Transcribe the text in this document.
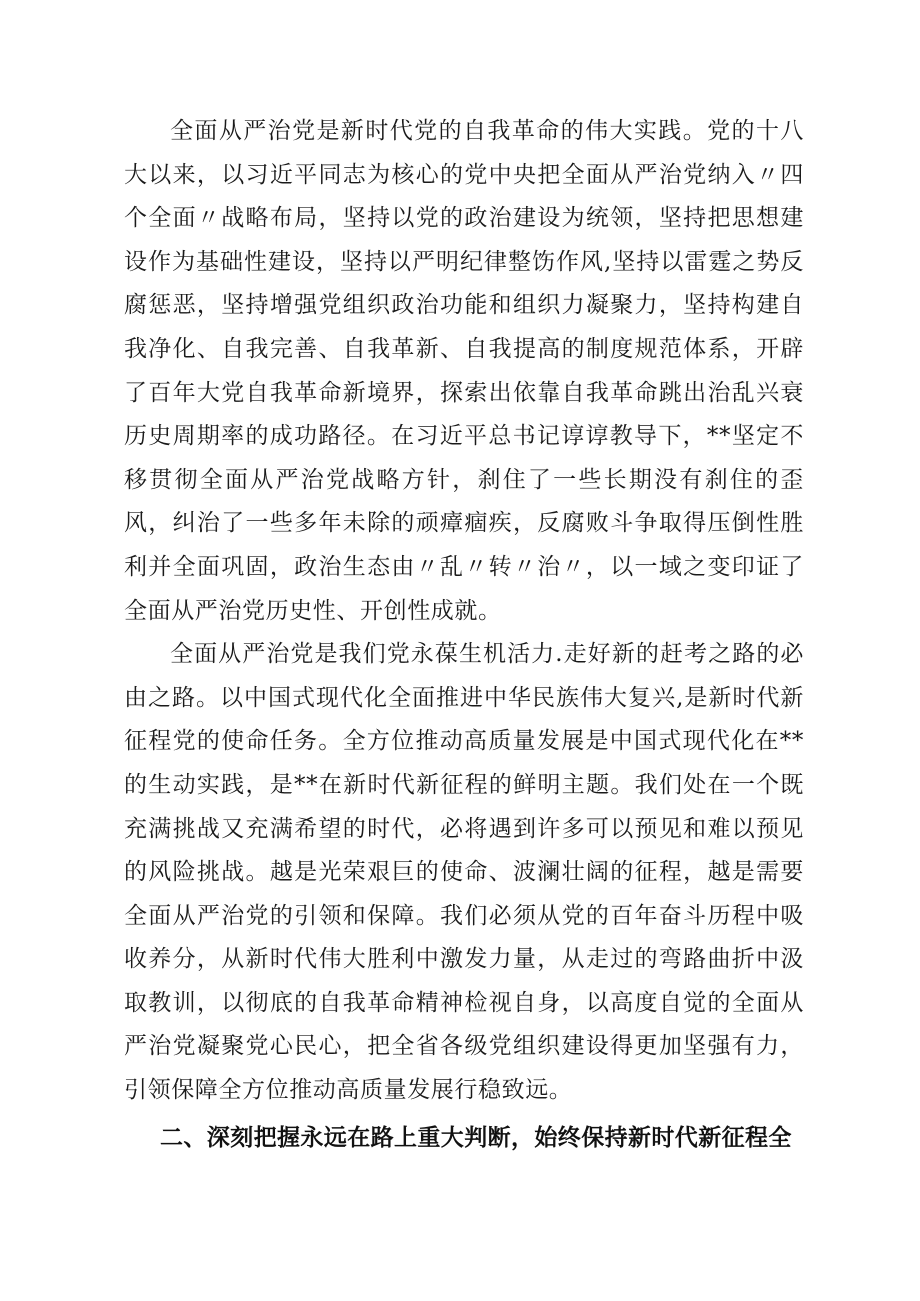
全面从严治党是新时代党的自我革命的伟大实践。党的十八大以来，以习近平同志为核心的党中央把全面从严治党纳入〃四个全面〃战略布局，坚持以党的政治建设为统领，坚持把思想建设作为基础性建设，坚持以严明纪律整饬作风,坚持以雷霆之势反腐惩恶，坚持增强党组织政治功能和组织力凝聚力，坚持构建自我净化、自我完善、自我革新、自我提高的制度规范体系，开辟了百年大党自我革命新境界，探索出依靠自我革命跳出治乱兴衰历史周期率的成功路径。在习近平总书记谆谆教导下，**坚定不移贯彻全面从严治党战略方针，刹住了一些长期没有刹住的歪风，纠治了一些多年未除的顽瘴痼疾，反腐败斗争取得压倒性胜利并全面巩固，政治生态由〃乱〃转〃治〃，以一域之变印证了全面从严治党历史性、开创性成就。

全面从严治党是我们党永葆生机活力.走好新的赶考之路的必由之路。以中国式现代化全面推进中华民族伟大复兴,是新时代新征程党的使命任务。全方位推动高质量发展是中国式现代化在**的生动实践，是**在新时代新征程的鲜明主题。我们处在一个既充满挑战又充满希望的时代，必将遇到许多可以预见和难以预见的风险挑战。越是光荣艰巨的使命、波澜壮阔的征程，越是需要全面从严治党的引领和保障。我们必须从党的百年奋斗历程中吸收养分，从新时代伟大胜利中激发力量，从走过的弯路曲折中汲取教训，以彻底的自我革命精神检视自身，以高度自觉的全面从严治党凝聚党心民心，把全省各级党组织建设得更加坚强有力，引领保障全方位推动高质量发展行稳致远。

二、深刻把握永远在路上重大判断，始终保持新时代新征程全
